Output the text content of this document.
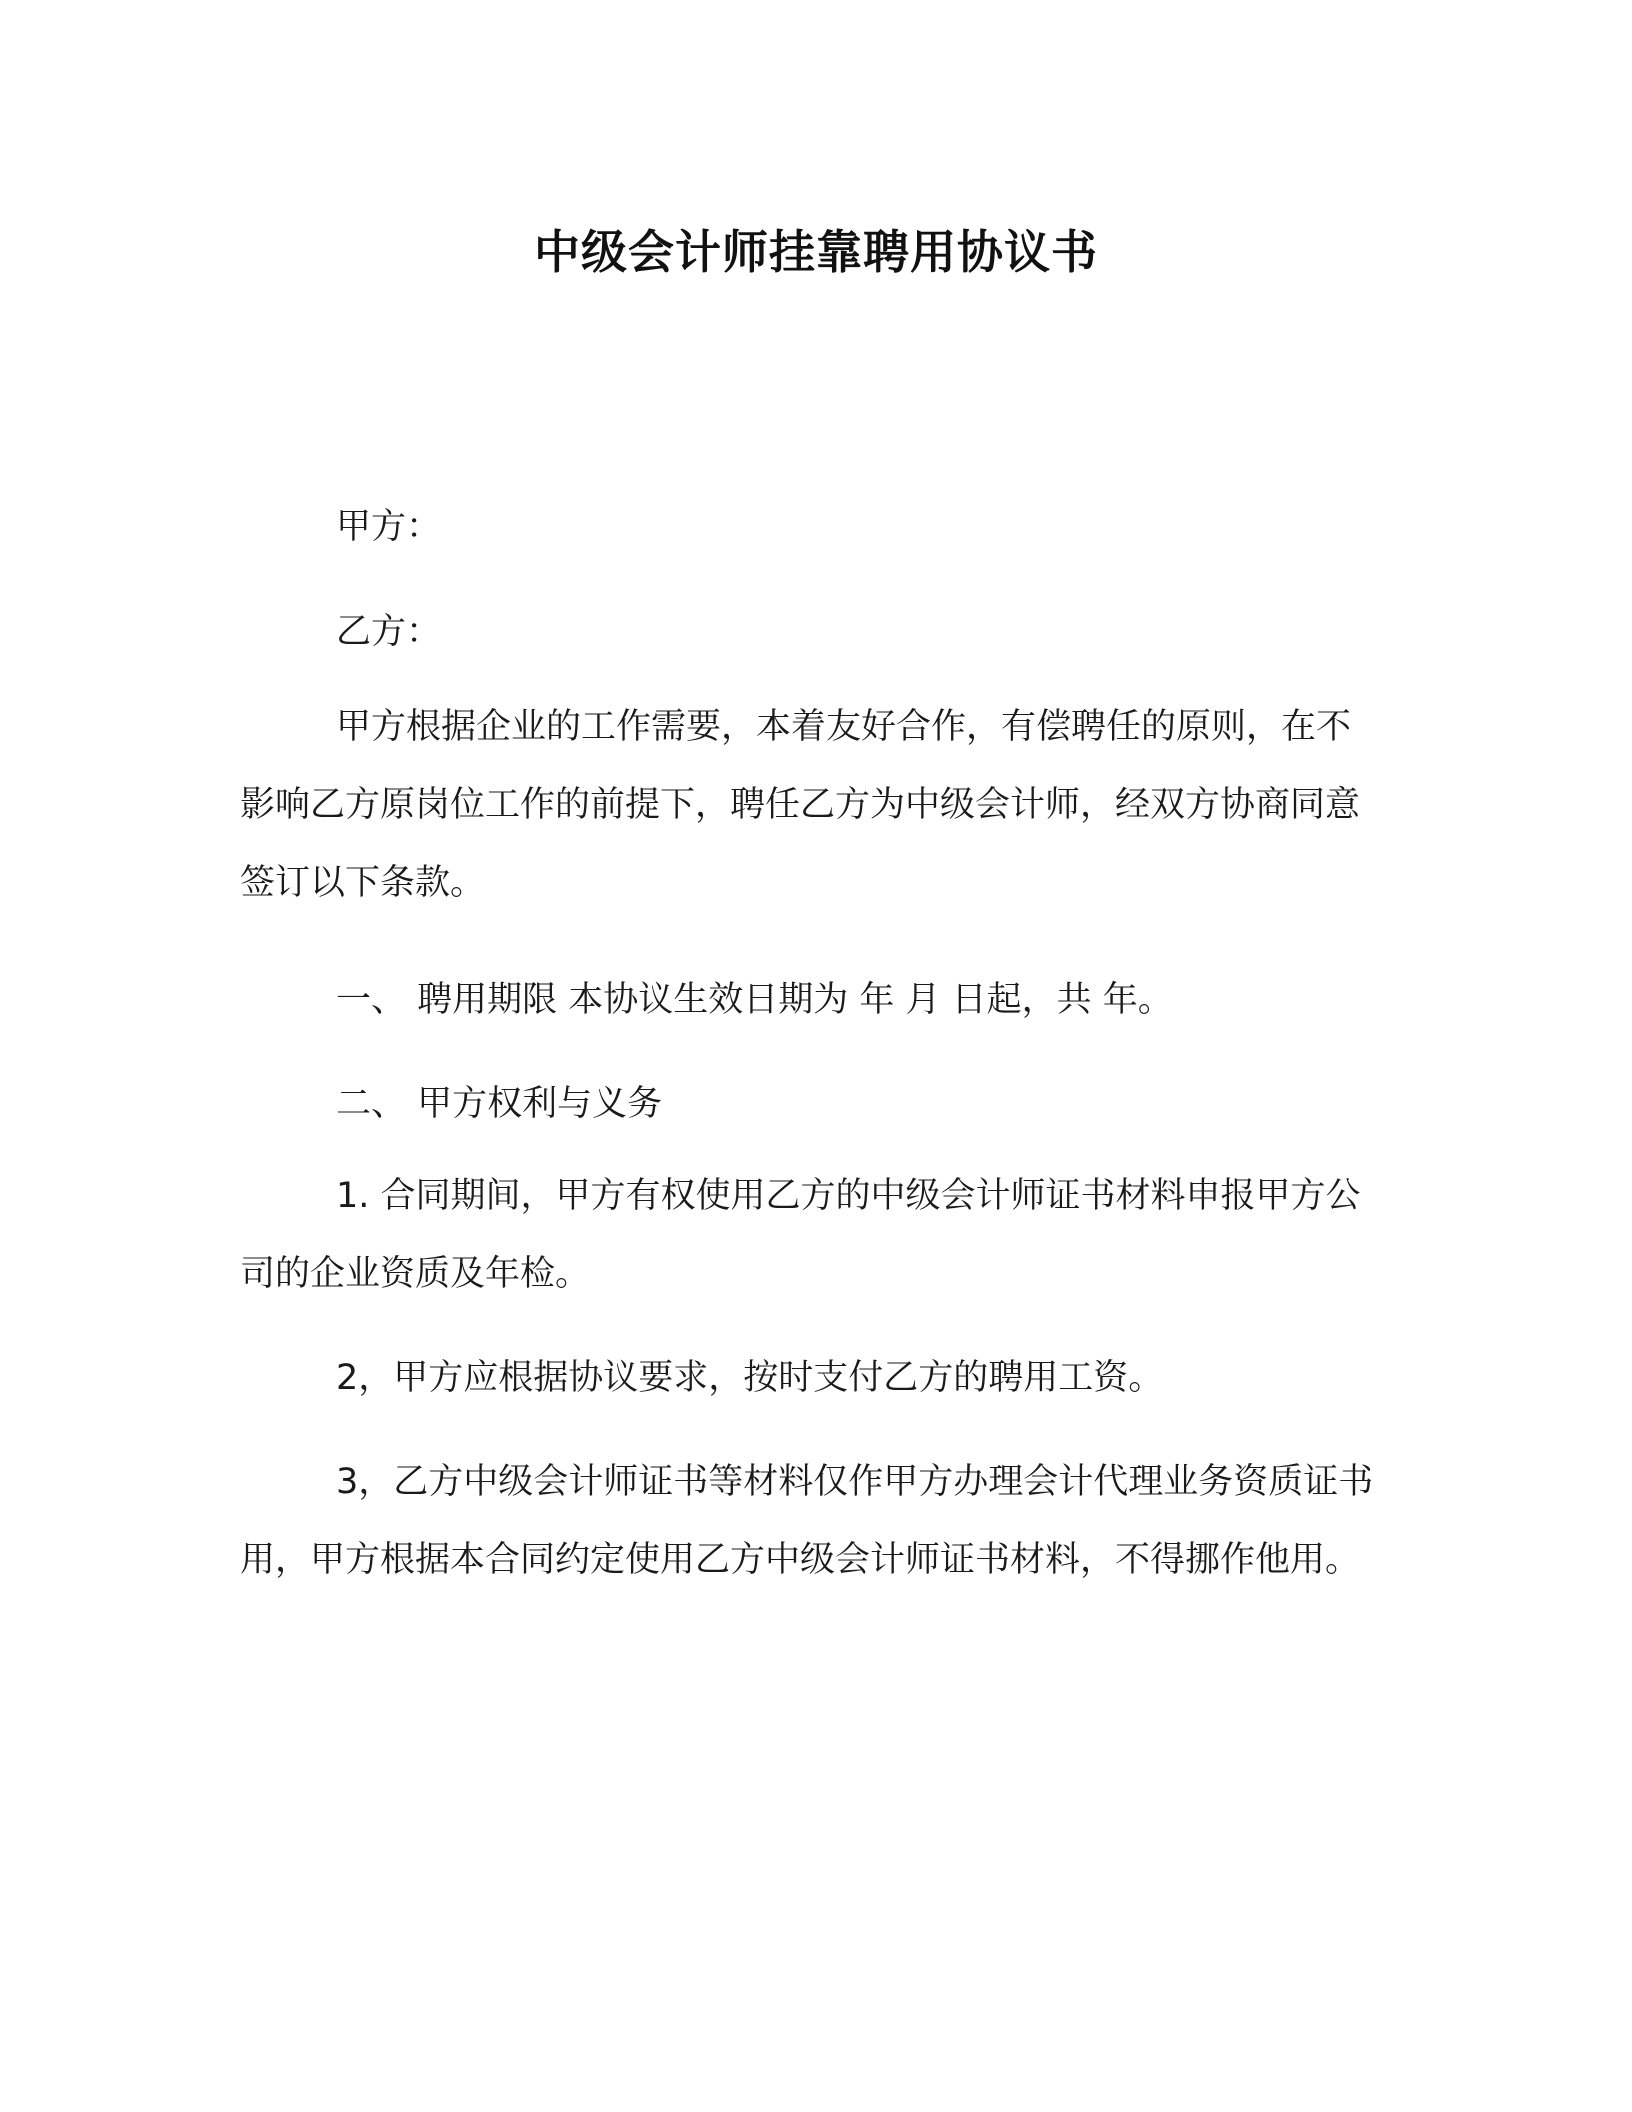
中级会计师挂靠聘用协议书

甲方：

乙方：

甲方根据企业的工作需要，本着友好合作，有偿聘任的原则，在不影响乙方原岗位工作的前提下，聘任乙方为中级会计师，经双方协商同意签订以下条款。

一、 聘用期限 本协议生效日期为 年 月 日起，共 年。

二、 甲方权利与义务

1. 合同期间，甲方有权使用乙方的中级会计师证书材料申报甲方公司的企业资质及年检。

2，甲方应根据协议要求，按时支付乙方的聘用工资。

3，乙方中级会计师证书等材料仅作甲方办理会计代理业务资质证书用，甲方根据本合同约定使用乙方中级会计师证书材料，不得挪作他用。
